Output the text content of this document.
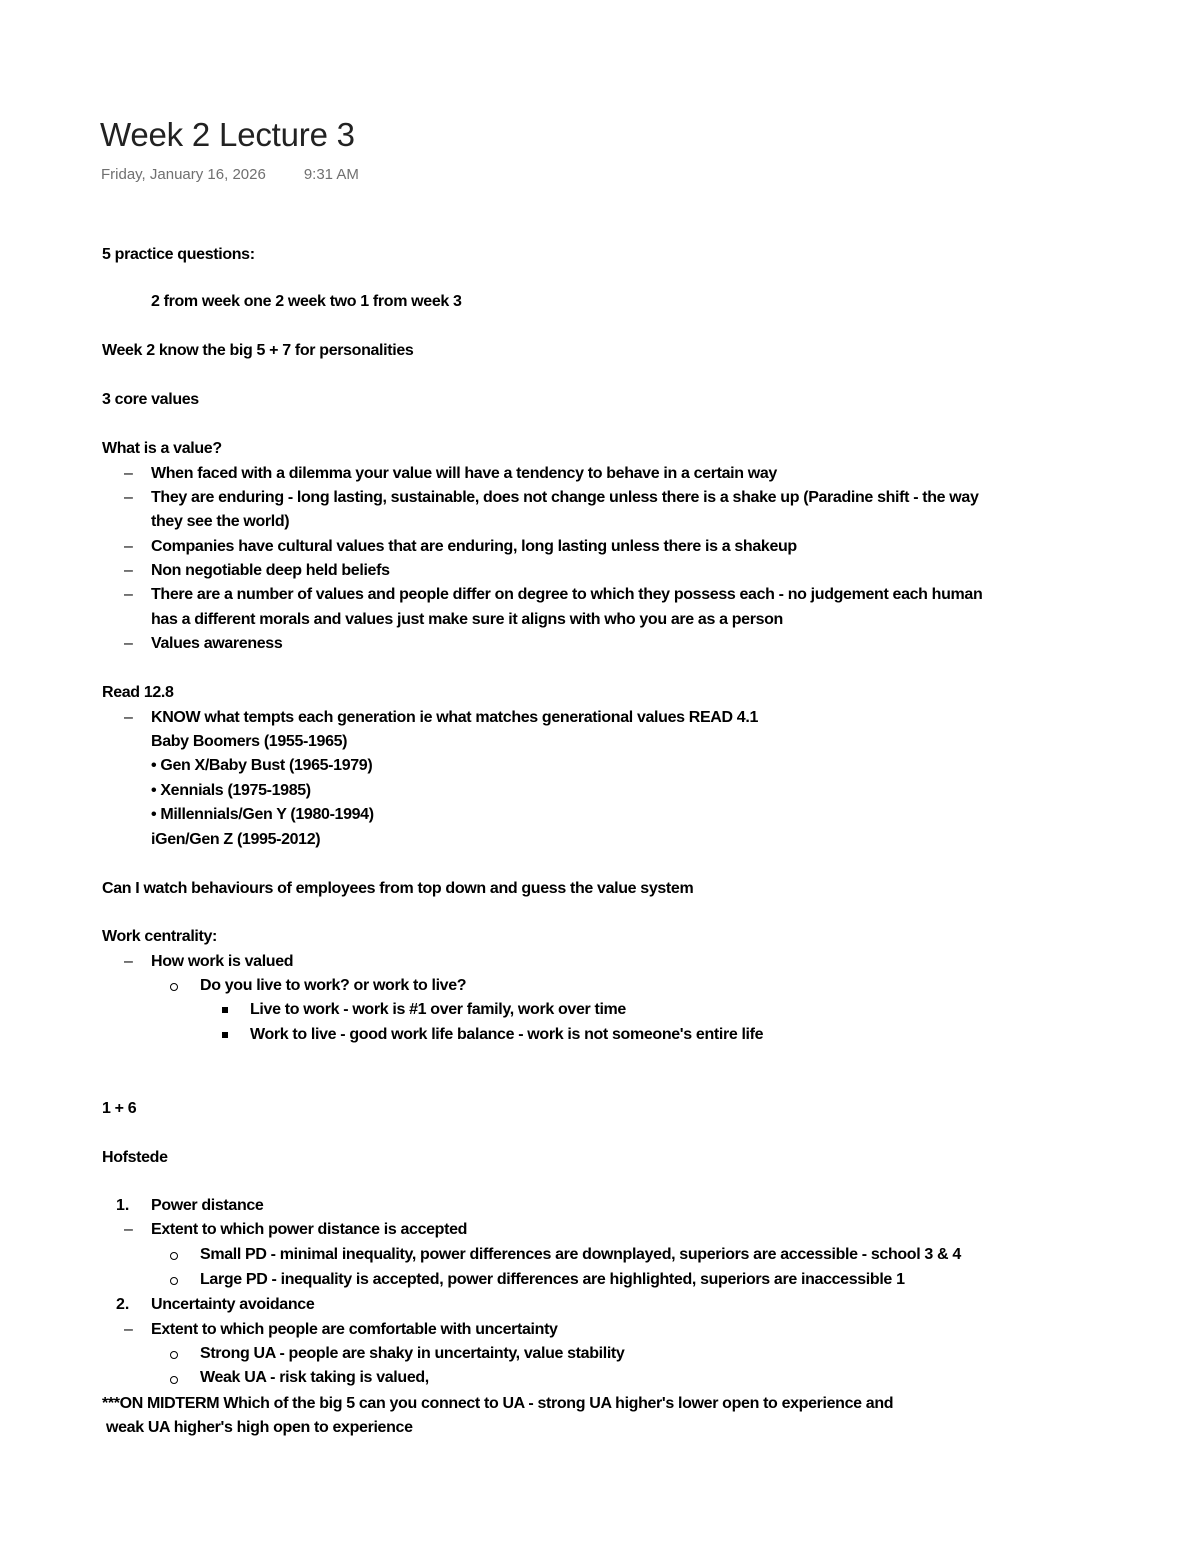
Week 2 Lecture 3
Friday, January 16, 2026	9:31 AM
5 practice questions:
2 from week one 2 week two 1 from week 3
Week 2 know the big 5 + 7 for personalities
3 core values
What is a value?
– When faced with a dilemma your value will have a tendency to behave in a certain way
– They are enduring - long lasting, sustainable, does not change unless there is a shake up (Paradine shift - the way
they see the world)
– Companies have cultural values that are enduring, long lasting unless there is a shakeup
– Non negotiable deep held beliefs
– There are a number of values and people differ on degree to which they possess each - no judgement each human
has a different morals and values just make sure it aligns with who you are as a person
– Values awareness
Read 12.8
– KNOW what tempts each generation ie what matches generational values READ 4.1
Baby Boomers (1955-1965)
• Gen X/Baby Bust (1965-1979)
• Xennials (1975-1985)
• Millennials/Gen Y (1980-1994)
iGen/Gen Z (1995-2012)
Can I watch behaviours of employees from top down and guess the value system
Work centrality:
– How work is valued
Do you live to work? or work to live?
Live to work - work is #1 over family, work over time
Work to live - good work life balance - work is not someone's entire life
1 + 6
Hofstede
1. Power distance
– Extent to which power distance is accepted
Small PD - minimal inequality, power differences are downplayed, superiors are accessible - school 3 & 4
Large PD - inequality is accepted, power differences are highlighted, superiors are inaccessible 1
2. Uncertainty avoidance
– Extent to which people are comfortable with uncertainty
Strong UA - people are shaky in uncertainty, value stability
Weak UA - risk taking is valued,
***ON MIDTERM Which of the big 5 can you connect to UA - strong UA higher's lower open to experience and
weak UA higher's high open to experience
